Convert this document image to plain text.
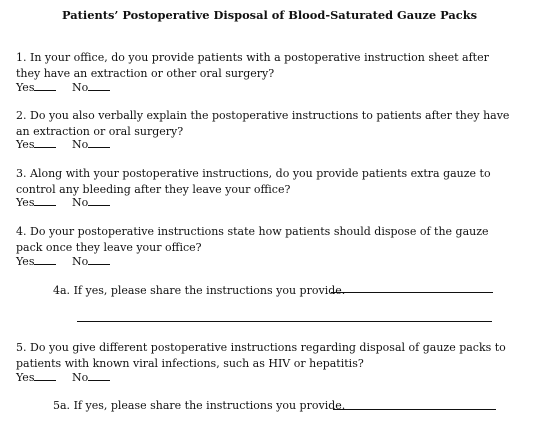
Patients’ Postoperative Disposal of Blood-Saturated Gauze Packs
1. In your office, do you provide patients with a postoperative instruction sheet after they have an extraction or other oral surgery?
Yes	No
2. Do you also verbally explain the postoperative instructions to patients after they have an extraction or oral surgery?
Yes	No
3. Along with your postoperative instructions, do you provide patients extra gauze to control any bleeding after they leave your office?
Yes	No
4. Do your postoperative instructions state how patients should dispose of the gauze pack once they leave your office?
Yes	No
4a. If yes, please share the instructions you provide.
5. Do you give different postoperative instructions regarding disposal of gauze packs to patients with known viral infections, such as HIV or hepatitis?
Yes	No
5a. If yes, please share the instructions you provide.
